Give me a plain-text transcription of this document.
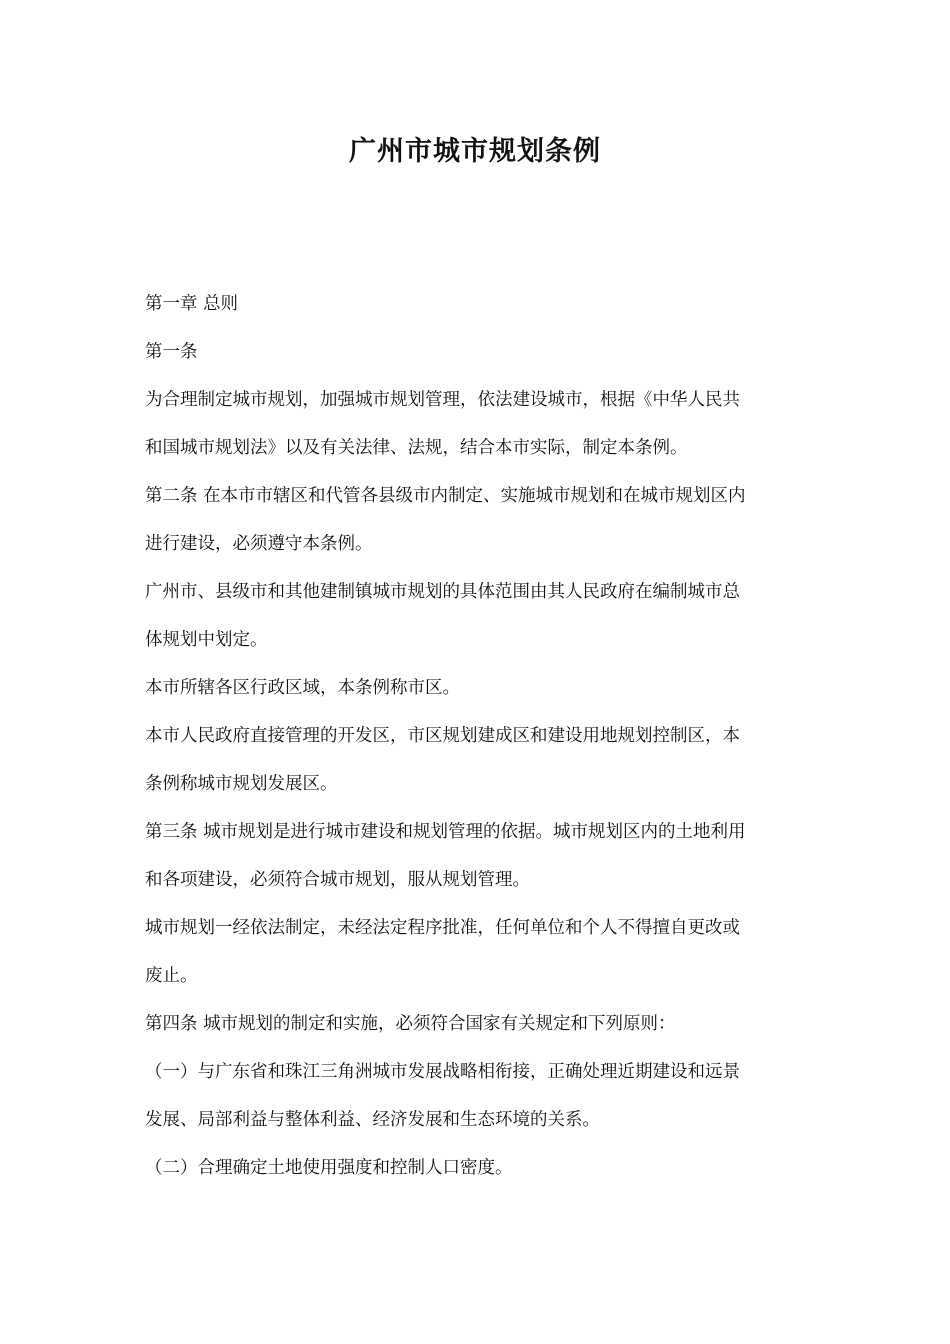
广州市城市规划条例
第一章 总则
第一条
为合理制定城市规划，加强城市规划管理，依法建设城市，根据《中华人民共
和国城市规划法》以及有关法律、法规，结合本市实际，制定本条例。
第二条 在本市市辖区和代管各县级市内制定、实施城市规划和在城市规划区内
进行建设，必须遵守本条例。
广州市、县级市和其他建制镇城市规划的具体范围由其人民政府在编制城市总
体规划中划定。
本市所辖各区行政区域，本条例称市区。
本市人民政府直接管理的开发区，市区规划建成区和建设用地规划控制区，本
条例称城市规划发展区。
第三条 城市规划是进行城市建设和规划管理的依据。城市规划区内的土地利用
和各项建设，必须符合城市规划，服从规划管理。
城市规划一经依法制定，未经法定程序批准，任何单位和个人不得擅自更改或
废止。
第四条 城市规划的制定和实施，必须符合国家有关规定和下列原则：
（一）与广东省和珠江三角洲城市发展战略相衔接，正确处理近期建设和远景
发展、局部利益与整体利益、经济发展和生态环境的关系。
（二）合理确定土地使用强度和控制人口密度。
